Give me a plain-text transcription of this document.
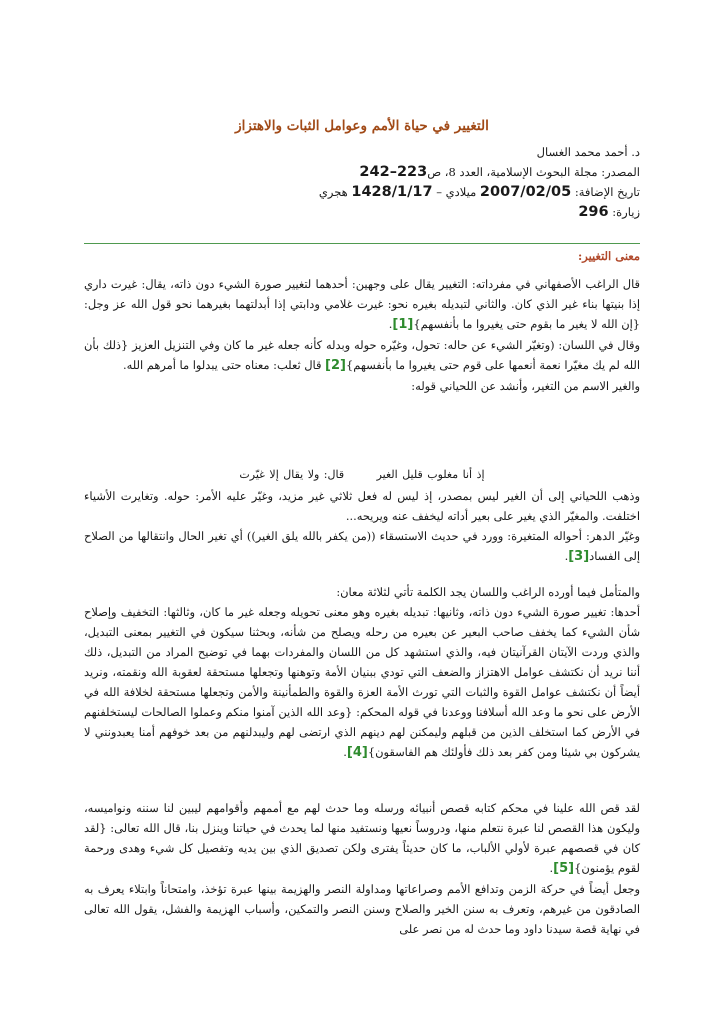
التغيير في حياة الأمم وعوامل الثبات والاهتزاز
د. أحمد محمد الغسال
المصدر: مجلة البحوث الإسلامية، العدد 8، ص223–242
تاريخ الإضافة: 2007/02/05 ميلادي – 1428/1/17 هجري
زيارة: 296
معنى التغيير:
قال الراغب الأصفهاني في مفرداته: التغيير يقال على وجهين: أحدهما لتغيير صورة الشيء دون ذاته، يقال: غيرت داري إذا بنيتها بناء غير الذي كان. والثاني لتبديله بغيره نحو: غيرت غلامي ودابتي إذا أبدلتهما بغيرهما نحو قول الله عز وجل: {إن الله لا يغير ما بقوم حتى يغيروا ما بأنفسهم}[1].
وقال في اللسان: (وتغيّر الشيء عن حاله: تحول، وغيّره حوله وبدله كأنه جعله غير ما كان وفي التنزيل العزيز {ذلك بأن الله لم يك مغيّرا نعمة أنعمها على قوم حتى يغيروا ما بأنفسهم}[2] قال ثعلب: معناه حتى يبدلوا ما أمرهم الله.
والغير الاسم من التغير، وأنشد عن اللحياني قوله:
إذ أنا مغلوب قليل الغير قال: ولا يقال إلا غيّرت
وذهب اللحياني إلى أن الغير ليس بمصدر، إذ ليس له فعل ثلاثي غير مزيد، وغيّر عليه الأمر: حوله. وتغايرت الأشياء اختلفت. والمغيّر الذي يغير على بعير أداته ليخفف عنه ويريحه...
وغيّر الدهر: أحواله المتغيرة: وورد في حديث الاستسقاء ((من يكفر بالله يلق الغير)) أي تغير الحال وانتقالها من الصلاح إلى الفساد[3].
والمتأمل فيما أورده الراغب واللسان يجد الكلمة تأتي لثلاثة معان:
أحدها: تغيير صورة الشيء دون ذاته، وثانيها: تبديله بغيره وهو معنى تحويله وجعله غير ما كان، وثالثها: التخفيف وإصلاح شأن الشيء كما يخفف صاحب البعير عن بعيره من رحله ويصلح من شأنه، وبحثنا سيكون في التغيير بمعنى التبديل، والذي وردت الآيتان القرآنيتان فيه، والذي استشهد كل من اللسان والمفردات بهما في توضيح المراد من التبديل، ذلك أننا نريد أن نكتشف عوامل الاهتزاز والضعف التي تودي ببنيان الأمة وتوهنها وتجعلها مستحقة لعقوبة الله ونقمته، ونريد أيضاً أن نكتشف عوامل القوة والثبات التي تورث الأمة العزة والقوة والطمأنينة والأمن وتجعلها مستحقة لخلافة الله في الأرض على نحو ما وعد الله أسلافنا ووعدنا في قوله المحكم: {وعد الله الذين آمنوا منكم وعملوا الصالحات ليستخلفنهم في الأرض كما استخلف الذين من قبلهم وليمكنن لهم دينهم الذي ارتضى لهم وليبدلنهم من بعد خوفهم أمنا يعبدونني لا يشركون بي شيئا ومن كفر بعد ذلك فأولئك هم الفاسقون}[4].
لقد قص الله علينا في محكم كتابه قصص أنبيائه ورسله وما حدث لهم مع أممهم وأقوامهم ليبين لنا سننه ونواميسه، وليكون هذا القصص لنا عبرة نتعلم منها، ودروساً نعيها ونستفيد منها لما يحدث في حياتنا وينزل بنا، قال الله تعالى: {لقد كان في قصصهم عبرة لأولي الألباب، ما كان حديثاً يفترى ولكن تصديق الذي بين يديه وتفصيل كل شيء وهدى ورحمة لقوم يؤمنون}[5].
وجعل أيضاً في حركة الزمن وتدافع الأمم وصراعاتها ومداولة النصر والهزيمة بينها عبرة تؤخذ، وامتحاناً وابتلاء يعرف به الصادقون من غيرهم، وتعرف به سنن الخير والصلاح وسنن النصر والتمكين، وأسباب الهزيمة والفشل، يقول الله تعالى في نهاية قصة سيدنا داود وما حدث له من نصر على
